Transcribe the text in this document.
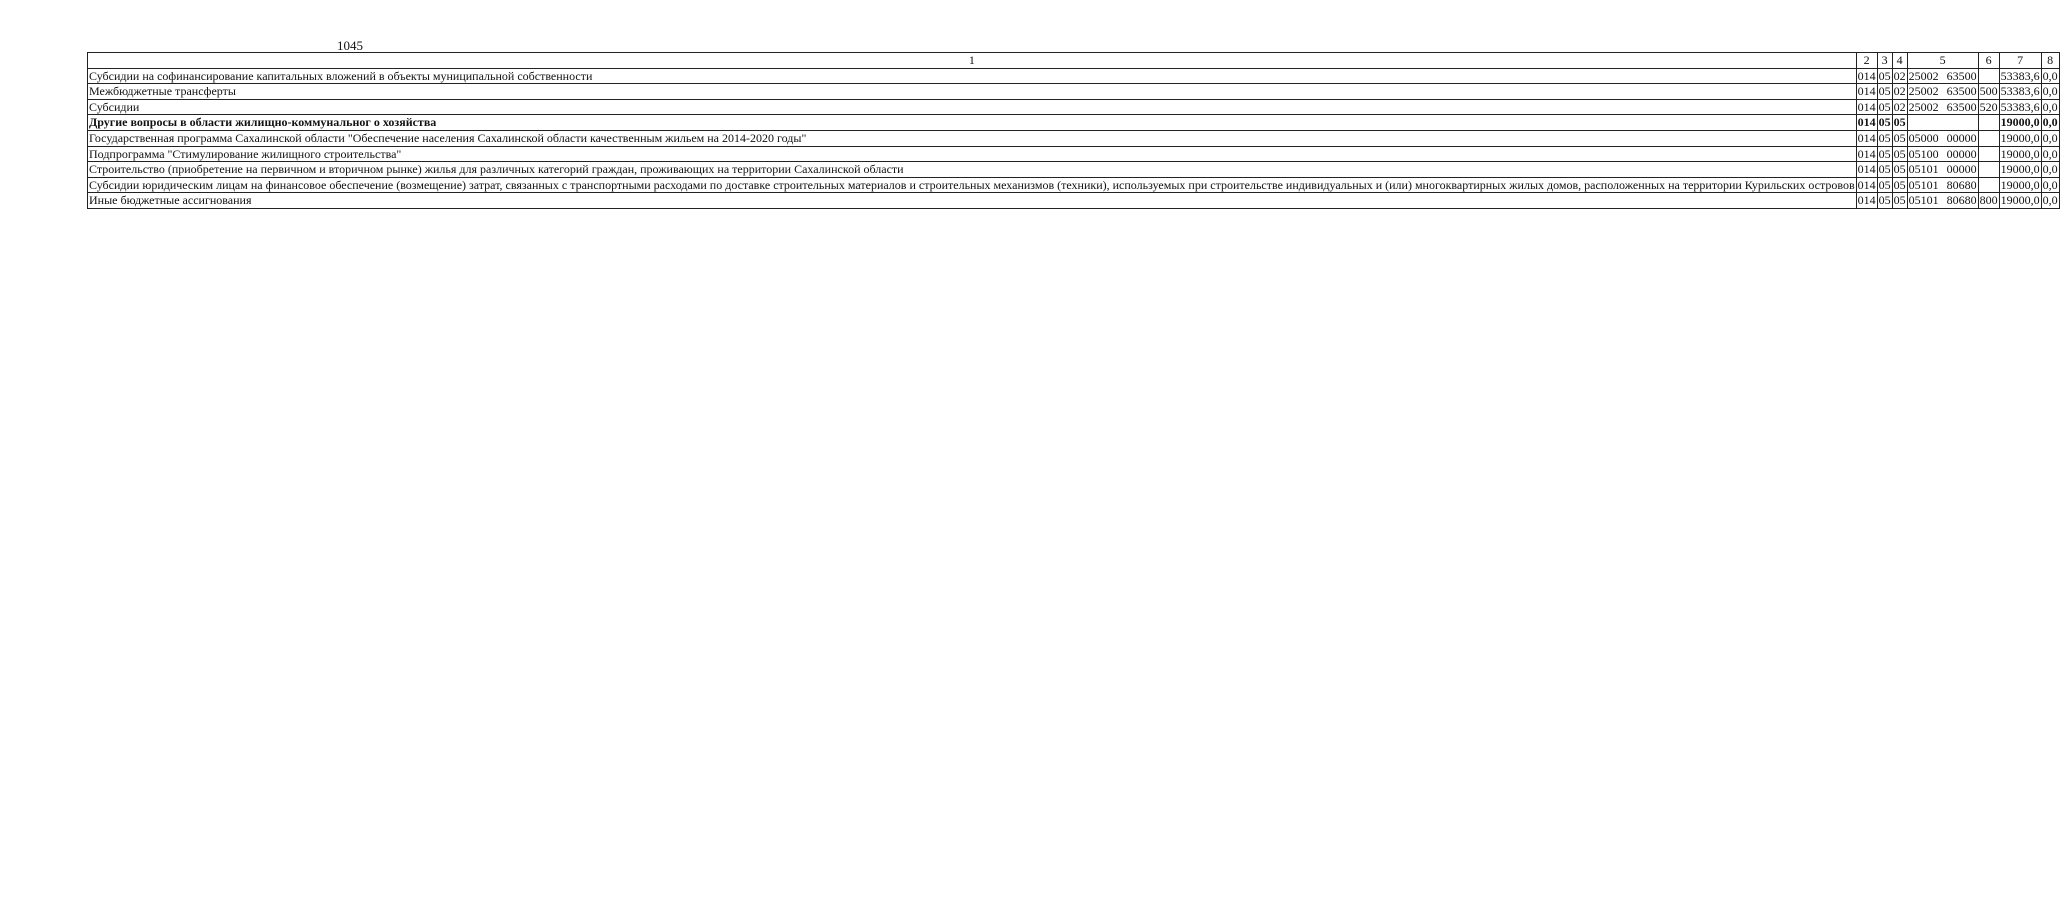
1045
1	2	3	4	5	6	7	8
Субсидии на софинансирование капитальных вложений в объекты муниципальной собственности	014	05	02	25002 63500		53383,6	0,0
Межбюджетные трансферты	014	05	02	25002 63500	500	53383,6	0,0
Субсидии	014	05	02	25002 63500	520	53383,6	0,0
Другие вопросы в области жилищно-коммунальног о хозяйства	014	05	05			19000,0	0,0
Государственная программа Сахалинской области "Обеспечение населения Сахалинской области качественным жильем на 2014-2020 годы"	014	05	05	05000 00000		19000,0	0,0
Подпрограмма "Стимулирование жилищного строительства"	014	05	05	05100 00000		19000,0	0,0
Строительство (приобретение на первичном и вторичном рынке) жилья для различных категорий граждан, проживающих на территории Сахалинской области	014	05	05	05101 00000		19000,0	0,0
Субсидии юридическим лицам на финансовое обеспечение (возмещение) затрат, связанных с транспортными расходами по доставке строительных материалов и строительных механизмов (техники), используемых при строительстве индивидуальных и (или) многоквартирных жилых домов, расположенных на территории Курильских островов	014	05	05	05101 80680		19000,0	0,0
Иные бюджетные ассигнования	014	05	05	05101 80680	800	19000,0	0,0
